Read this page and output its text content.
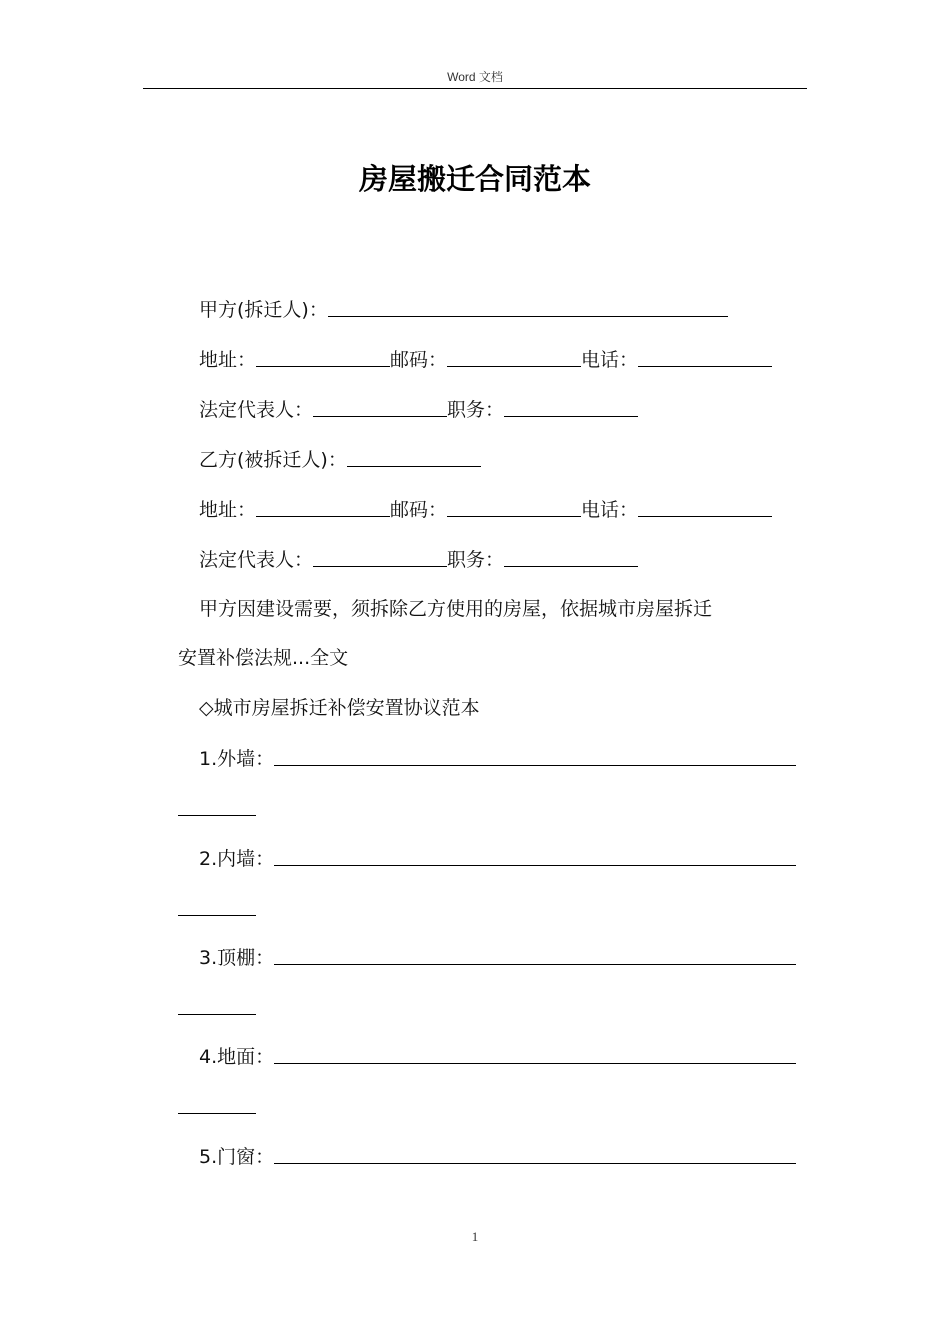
Word 文档
房屋搬迁合同范本
甲方(拆迁人)：
地址：	邮码：	电话：
法定代表人：	职务：
乙方(被拆迁人)：
地址：	邮码：	电话：
法定代表人：	职务：
甲方因建设需要，须拆除乙方使用的房屋，依据城市房屋拆迁
安置补偿法规...全文
◇城市房屋拆迁补偿安置协议范本
1.外墙：
2.内墙：
3.顶棚：
4.地面：
5.门窗：
1
